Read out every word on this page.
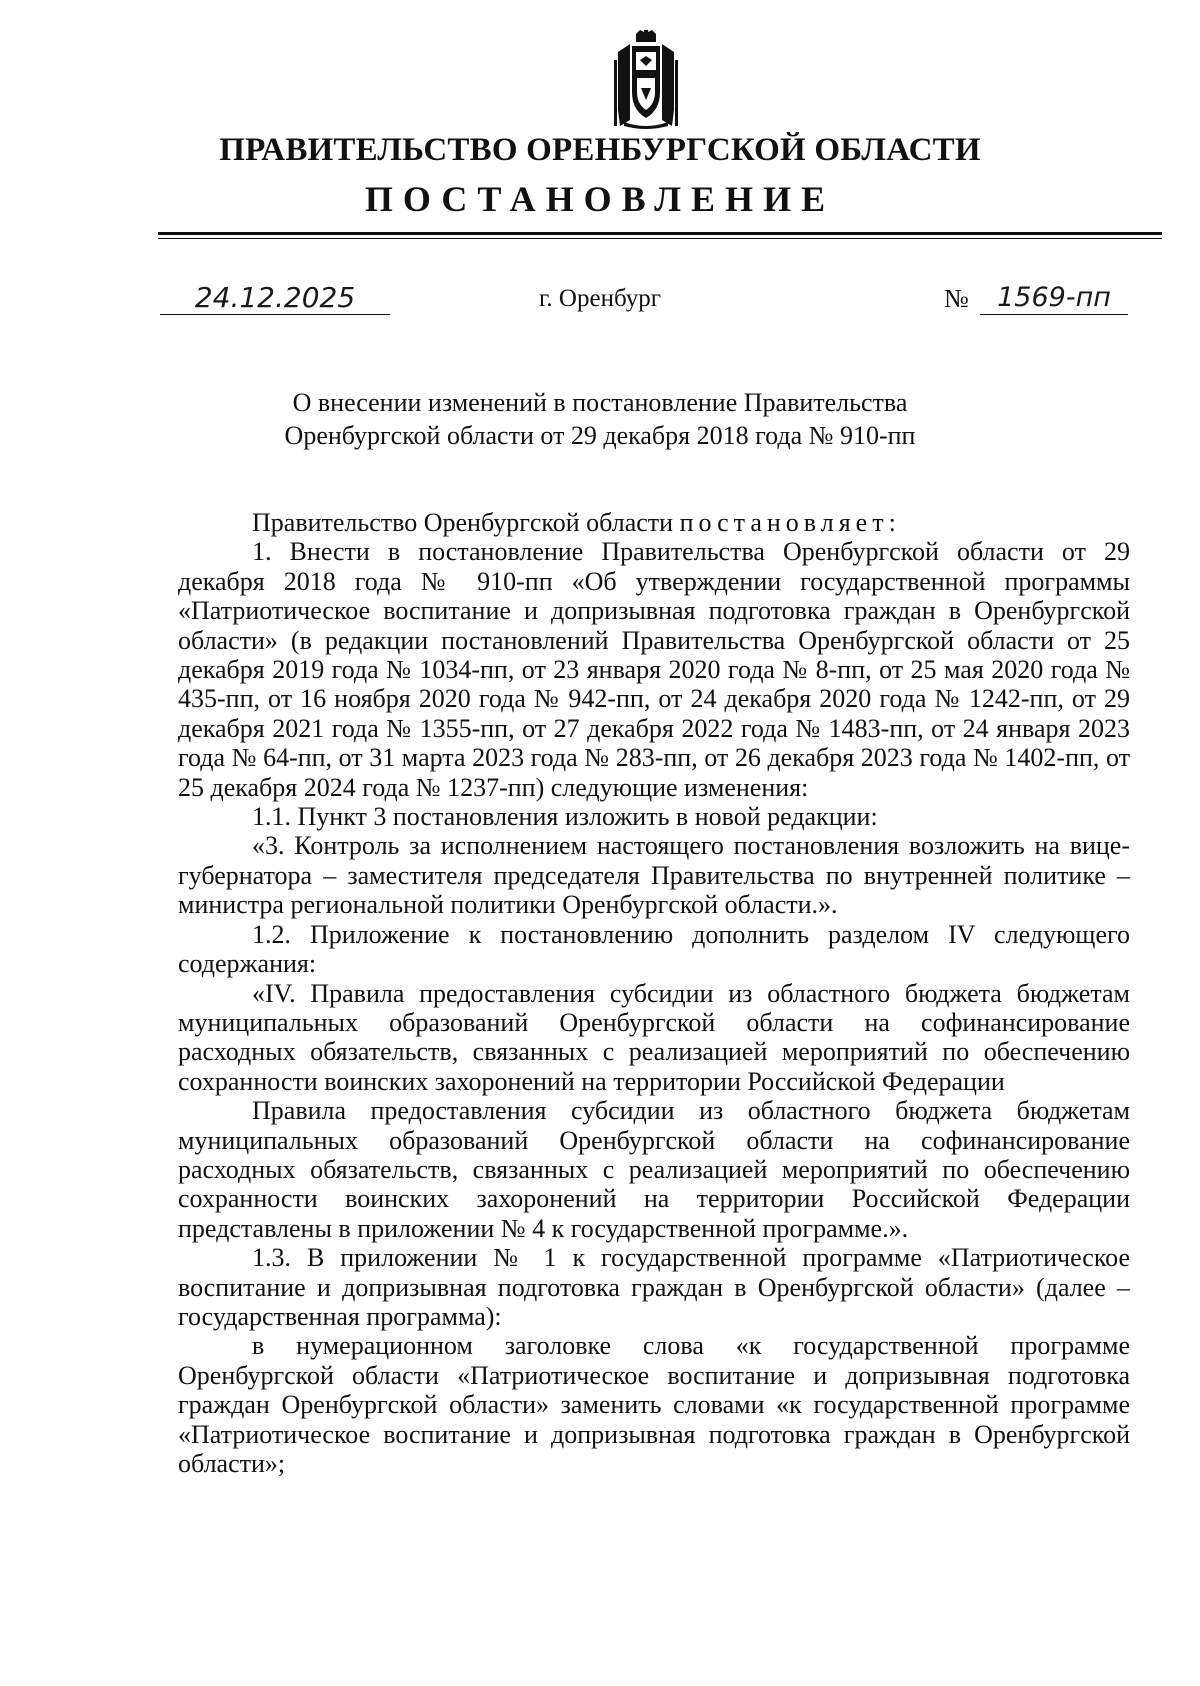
ПРАВИТЕЛЬСТВО ОРЕНБУРГСКОЙ ОБЛАСТИ
ПОСТАНОВЛЕНИЕ
24.12.2025	г. Оренбург	№	1569-пп
О внесении изменений в постановление Правительства
Оренбургской области от 29 декабря 2018 года № 910-пп

Правительство Оренбургской области постановляет:

1. Внести в постановление Правительства Оренбургской области от 29 декабря 2018 года № 910-пп «Об утверждении государственной программы «Патриотическое воспитание и допризывная подготовка граждан в Оренбургской области» (в редакции постановлений Правительства Оренбургской области от 25 декабря 2019 года № 1034-пп, от 23 января 2020 года № 8-пп, от 25 мая 2020 года № 435-пп, от 16 ноября 2020 года № 942-пп, от 24 декабря 2020 года № 1242-пп, от 29 декабря 2021 года № 1355-пп, от 27 декабря 2022 года № 1483-пп, от 24 января 2023 года № 64-пп, от 31 марта 2023 года № 283-пп, от 26 декабря 2023 года № 1402-пп, от 25 декабря 2024 года № 1237-пп) следующие изменения:

1.1. Пункт 3 постановления изложить в новой редакции:

«3. Контроль за исполнением настоящего постановления возложить на вице-губернатора – заместителя председателя Правительства по внутренней политике – министра региональной политики Оренбургской области.».

1.2. Приложение к постановлению дополнить разделом IV следующего содержания:

«IV. Правила предоставления субсидии из областного бюджета бюджетам муниципальных образований Оренбургской области на софинансирование расходных обязательств, связанных с реализацией мероприятий по обеспечению сохранности воинских захоронений на территории Российской Федерации

Правила предоставления субсидии из областного бюджета бюджетам муниципальных образований Оренбургской области на софинансирование расходных обязательств, связанных с реализацией мероприятий по обеспечению сохранности воинских захоронений на территории Российской Федерации представлены в приложении № 4 к государственной программе.».

1.3. В приложении № 1 к государственной программе «Патриотическое воспитание и допризывная подготовка граждан в Оренбургской области» (далее – государственная программа):

в нумерационном заголовке слова «к государственной программе Оренбургской области «Патриотическое воспитание и допризывная подготовка граждан Оренбургской области» заменить словами «к государственной программе «Патриотическое воспитание и допризывная подготовка граждан в Оренбургской области»;
